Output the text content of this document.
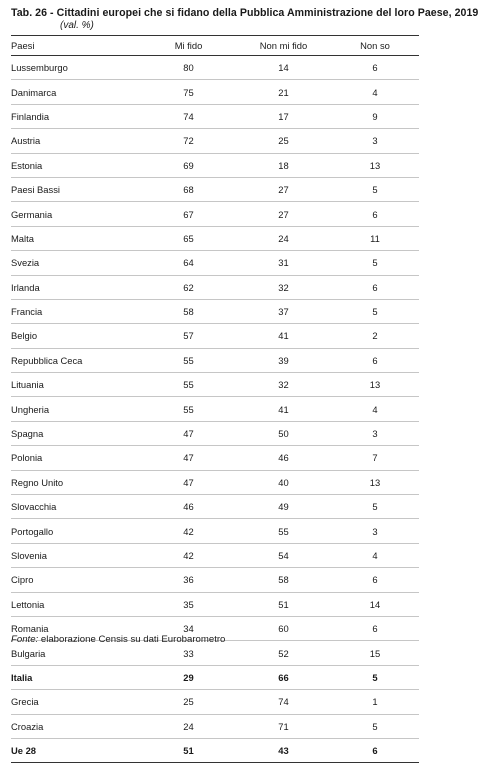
Tab. 26 - Cittadini europei che si fidano della Pubblica Amministrazione del loro Paese, 2019
(val. %)
Paesi	Mi fido	Non mi fido	Non so
Lussemburgo	80	14	6
Danimarca	75	21	4
Finlandia	74	17	9
Austria	72	25	3
Estonia	69	18	13
Paesi Bassi	68	27	5
Germania	67	27	6
Malta	65	24	11
Svezia	64	31	5
Irlanda	62	32	6
Francia	58	37	5
Belgio	57	41	2
Repubblica Ceca	55	39	6
Lituania	55	32	13
Ungheria	55	41	4
Spagna	47	50	3
Polonia	47	46	7
Regno Unito	47	40	13
Slovacchia	46	49	5
Portogallo	42	55	3
Slovenia	42	54	4
Cipro	36	58	6
Lettonia	35	51	14
Romania	34	60	6
Bulgaria	33	52	15
Italia	29	66	5
Grecia	25	74	1
Croazia	24	71	5
Ue 28	51	43	6
Fonte: elaborazione Censis su dati Eurobarometro
